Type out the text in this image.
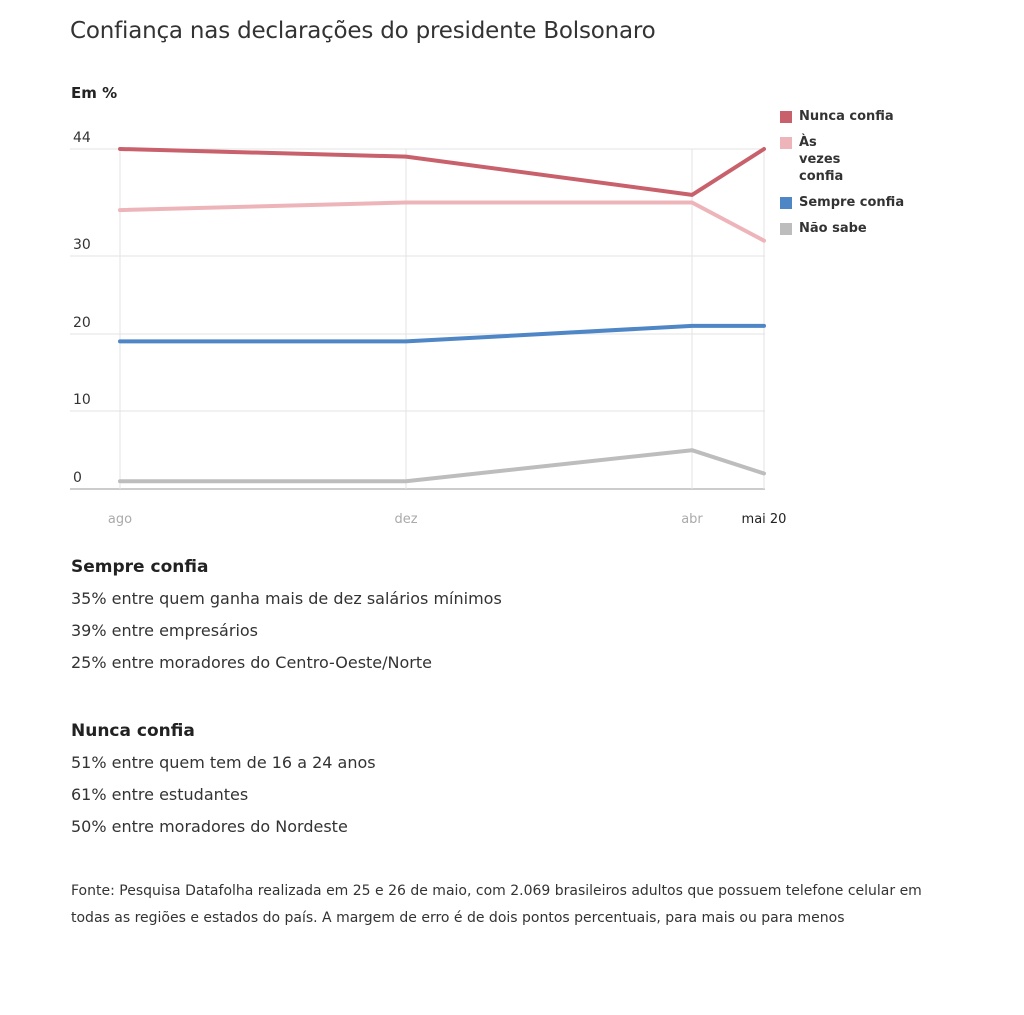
Confiança nas declarações do presidente Bolsonaro
Em %
0
10
20
30
44
ago	dez	abr	mai 20
Nunca confia
Às vezes confia
Sempre confia
Não sabe
Sempre confia

35% entre quem ganha mais de dez salários mínimos

39% entre empresários

25% entre moradores do Centro-Oeste/Norte

Nunca confia

51% entre quem tem de 16 a 24 anos

61% entre estudantes

50% entre moradores do Nordeste

Fonte: Pesquisa Datafolha realizada em 25 e 26 de maio, com 2.069 brasileiros adultos que possuem telefone celular em todas as regiões e estados do país. A margem de erro é de dois pontos percentuais, para mais ou para menos
